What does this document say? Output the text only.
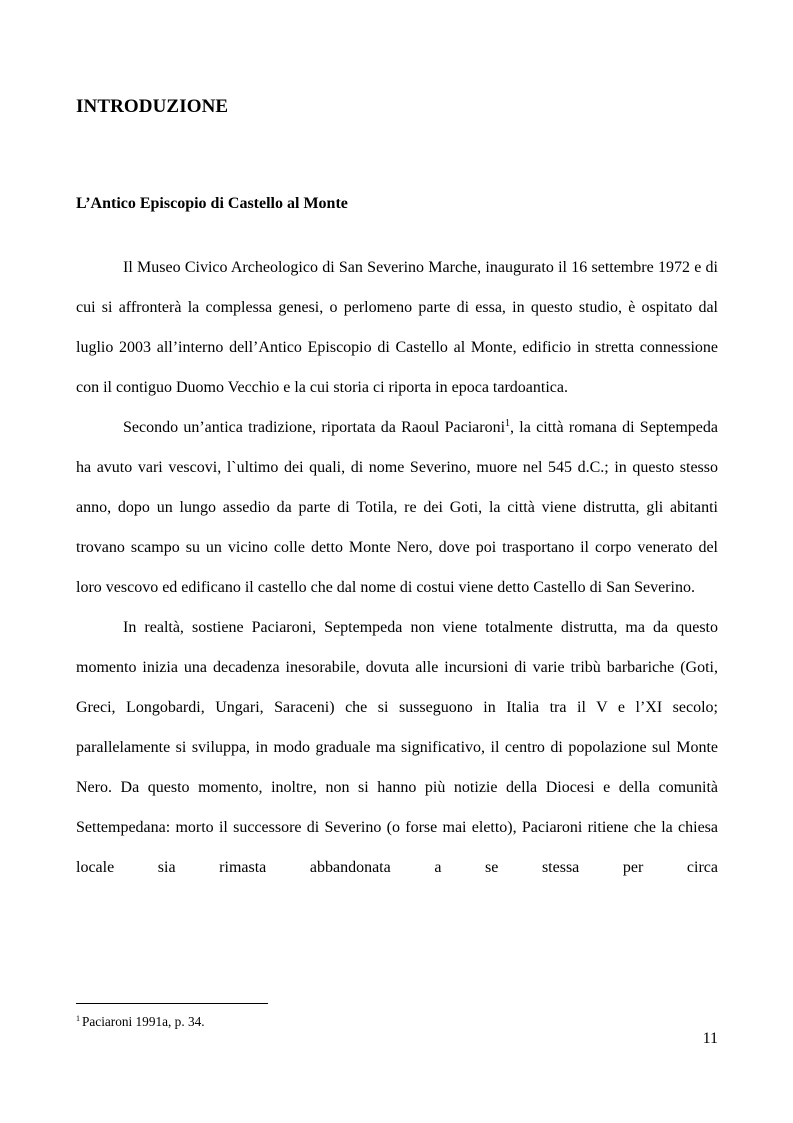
INTRODUZIONE
L’Antico Episcopio di Castello al Monte

Il Museo Civico Archeologico di San Severino Marche, inaugurato il 16 settembre 1972 e di cui si affronterà la complessa genesi, o perlomeno parte di essa, in questo studio, è ospitato dal luglio 2003 all’interno dell’Antico Episcopio di Castello al Monte, edificio in stretta connessione con il contiguo Duomo Vecchio e la cui storia ci riporta in epoca tardoantica.

Secondo un’antica tradizione, riportata da Raoul Paciaroni$^1$, la città romana di Septempeda ha avuto vari vescovi, l`ultimo dei quali, di nome Severino, muore nel 545 d.C.; in questo stesso anno, dopo un lungo assedio da parte di Totila, re dei Goti, la città viene distrutta, gli abitanti trovano scampo su un vicino colle detto Monte Nero, dove poi trasportano il corpo venerato del loro vescovo ed edificano il castello che dal nome di costui viene detto Castello di San Severino.

In realtà, sostiene Paciaroni, Septempeda non viene totalmente distrutta, ma da questo momento inizia una decadenza inesorabile, dovuta alle incursioni di varie tribù barbariche (Goti, Greci, Longobardi, Ungari, Saraceni) che si susseguono in Italia tra il V e l’XI secolo; parallelamente si sviluppa, in modo graduale ma significativo, il centro di popolazione sul Monte Nero. Da questo momento, inoltre, non si hanno più notizie della Diocesi e della comunità Settempedana: morto il successore di Severino (o forse mai eletto), Paciaroni ritiene che la chiesa locale sia rimasta abbandonata a se stessa per circa

$^1$ Paciaroni 1991a, p. 34.

11
